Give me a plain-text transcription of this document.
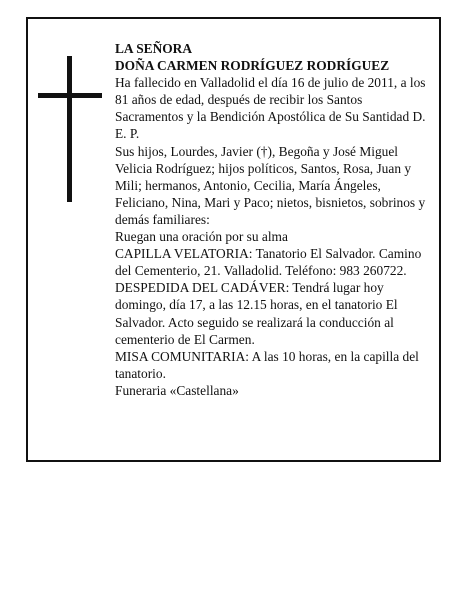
LA SEÑORA

DOÑA CARMEN RODRÍGUEZ RODRÍGUEZ

Ha fallecido en Valladolid el día 16 de julio de 2011, a los 81 años de edad, después de recibir los Santos Sacramentos y la Bendición Apostólica de Su Santidad D. E. P.

Sus hijos, Lourdes, Javier (†), Begoña y José Miguel Velicia Rodríguez; hijos políticos, Santos, Rosa, Juan y Mili; hermanos, Antonio, Cecilia, María Ángeles, Feliciano, Nina, Mari y Paco; nietos, bisnietos, sobrinos y demás familiares:

Ruegan una oración por su alma

CAPILLA VELATORIA: Tanatorio El Salvador. Camino del Cementerio, 21. Valladolid. Teléfono: 983 260722.

DESPEDIDA DEL CADÁVER: Tendrá lugar hoy domingo, día 17, a las 12.15 horas, en el tanatorio El Salvador. Acto seguido se realizará la conducción al cementerio de El Carmen.

MISA COMUNITARIA: A las 10 horas, en la capilla del tanatorio.

Funeraria «Castellana»
